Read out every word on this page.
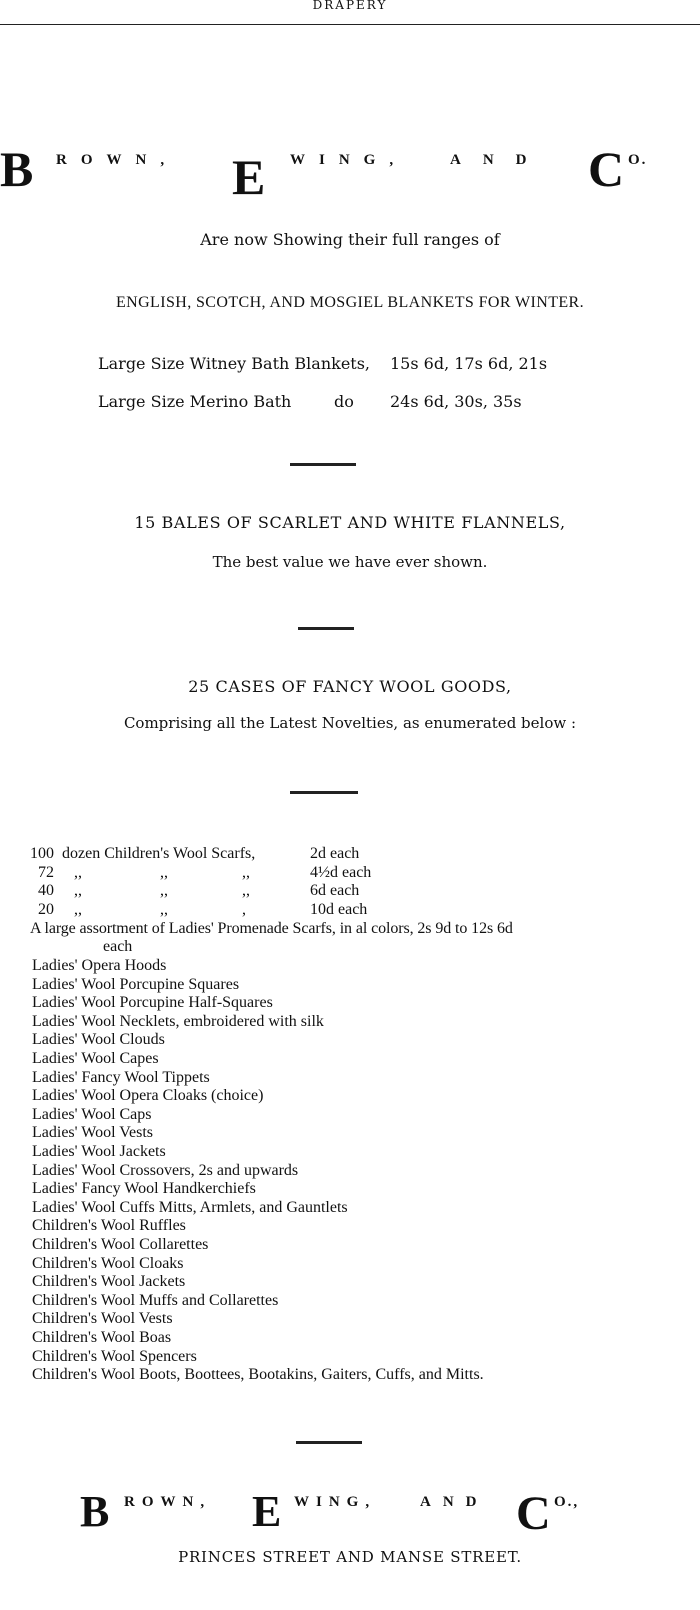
DRAPERY
B ROWN, E WING,	AND C O.
Are now Showing their full ranges of
ENGLISH, SCOTCH, AND MOSGIEL BLANKETS FOR WINTER.
Large Size Witney Bath Blankets, 15s 6d, 17s 6d, 21s
Large Size Merino Bath	do 24s 6d, 30s, 35s
15 BALES OF SCARLET AND WHITE FLANNELS,
The best value we have ever shown.
25 CASES OF FANCY WOOL GOODS,
Comprising all the Latest Novelties, as enumerated below :
100 dozen Children's Wool Scarfs,	2d each
72 ,,	,,	,,	4½d each
40 ,,	,,	,,	6d each
20 ,,	,,	,	10d each
A large assortment of Ladies' Promenade Scarfs, in al colors, 2s 9d to 12s 6d
each
Ladies' Opera Hoods
Ladies' Wool Porcupine Squares
Ladies' Wool Porcupine Half-Squares
Ladies' Wool Necklets, embroidered with silk
Ladies' Wool Clouds
Ladies' Wool Capes
Ladies' Fancy Wool Tippets
Ladies' Wool Opera Cloaks (choice)
Ladies' Wool Caps
Ladies' Wool Vests
Ladies' Wool Jackets
Ladies' Wool Crossovers, 2s and upwards
Ladies' Fancy Wool Handkerchiefs
Ladies' Wool Cuffs Mitts, Armlets, and Gauntlets
Children's Wool Ruffles
Children's Wool Collarettes
Children's Wool Cloaks
Children's Wool Jackets
Children's Wool Muffs and Collarettes
Children's Wool Vests
Children's Wool Boas
Children's Wool Spencers
Children's Wool Boots, Boottees, Bootakins, Gaiters, Cuffs, and Mitts.
B ROWN, E WING,	AND C O.,
PRINCES STREET AND MANSE STREET.
